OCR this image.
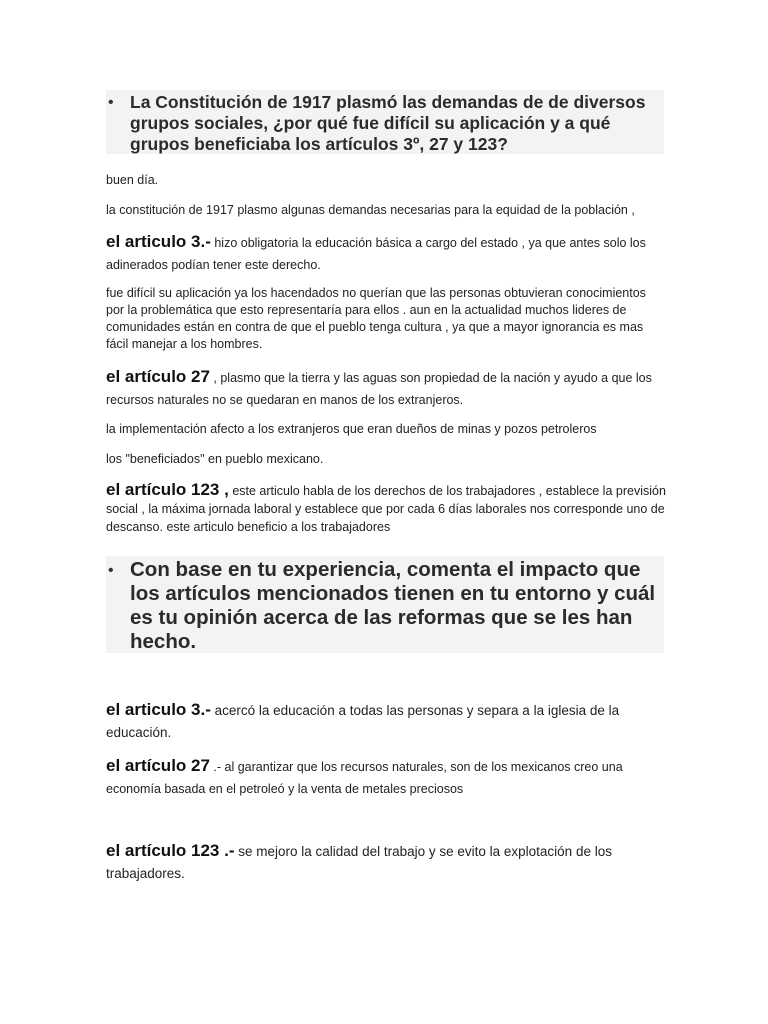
• La Constitución de 1917 plasmó las demandas de de diversos grupos sociales, ¿por qué fue difícil su aplicación y a qué grupos beneficiaba los artículos 3º, 27 y 123?
buen día.
la constitución de 1917 plasmo algunas demandas necesarias para la equidad de la población ,
el articulo 3.- hizo obligatoria la educación básica a cargo del estado , ya que antes solo los adinerados podían tener este derecho.
fue difícil su aplicación ya los hacendados no querían que las personas obtuvieran conocimientos por la problemática que esto representaría para ellos . aun en la actualidad muchos lideres de comunidades están en contra de que el pueblo tenga cultura , ya que a mayor ignorancia es mas fácil manejar a los hombres.
el artículo 27 , plasmo que la tierra y las aguas son propiedad de la nación y ayudo a que los recursos naturales no se quedaran en manos de los extranjeros.
la implementación afecto a los extranjeros que eran dueños de minas y pozos petroleros
los "beneficiados" en pueblo mexicano.
el artículo 123 , este articulo habla de los derechos de los trabajadores , establece la previsión social , la máxima jornada laboral y establece que por cada 6 días laborales nos corresponde uno de descanso. este articulo beneficio a los trabajadores
• Con base en tu experiencia, comenta el impacto que los artículos mencionados tienen en tu entorno y cuál es tu opinión acerca de las reformas que se les han hecho.
el articulo 3.- acercó la educación a todas las personas y separa a la iglesia de la educación.
el artículo 27 .- al garantizar que los recursos naturales, son de los mexicanos creo una economía basada en el petroleó y la venta de metales preciosos
el artículo 123 .- se mejoro la calidad del trabajo y se evito la explotación de los trabajadores.
